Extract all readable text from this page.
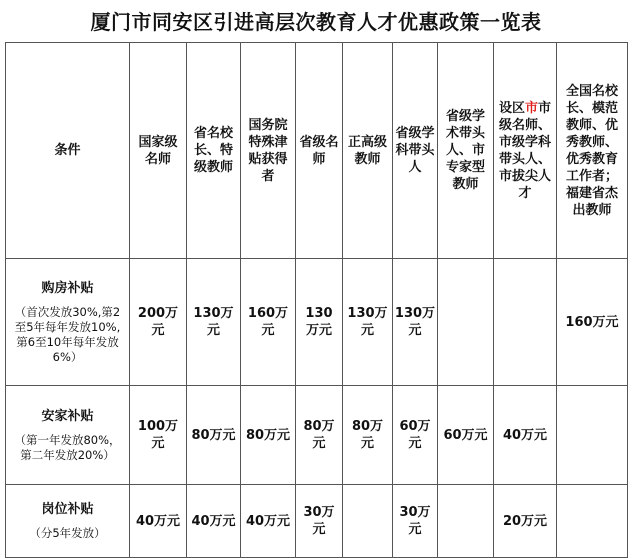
厦门市同安区引进高层次教育人才优惠政策一览表
条件	国家级名师	省名校长、特级教师	国务院特殊津贴获得者	省级名师	正高级教师	省级学科带头人	省级学术带头人、市专家型教师	设区市市级名师、市级学科带头人、市拔尖人才	全国名校长、模范教师、优秀教师、优秀教育工作者；福建省杰出教师

购房补贴
（首次发放30%,第2至5年每年发放10%,第6至10年每年发放6%）	200万元	130万元	160万元	130万元	130万元	130万元			160万元

安家补贴
（第一年发放80%，第二年发放20%）	100万元	80万元	80万元	80万元	80万元	60万元	60万元	40万元	

岗位补贴
（分5年发放）	40万元	40万元	40万元	30万元		30万元		20万元	
